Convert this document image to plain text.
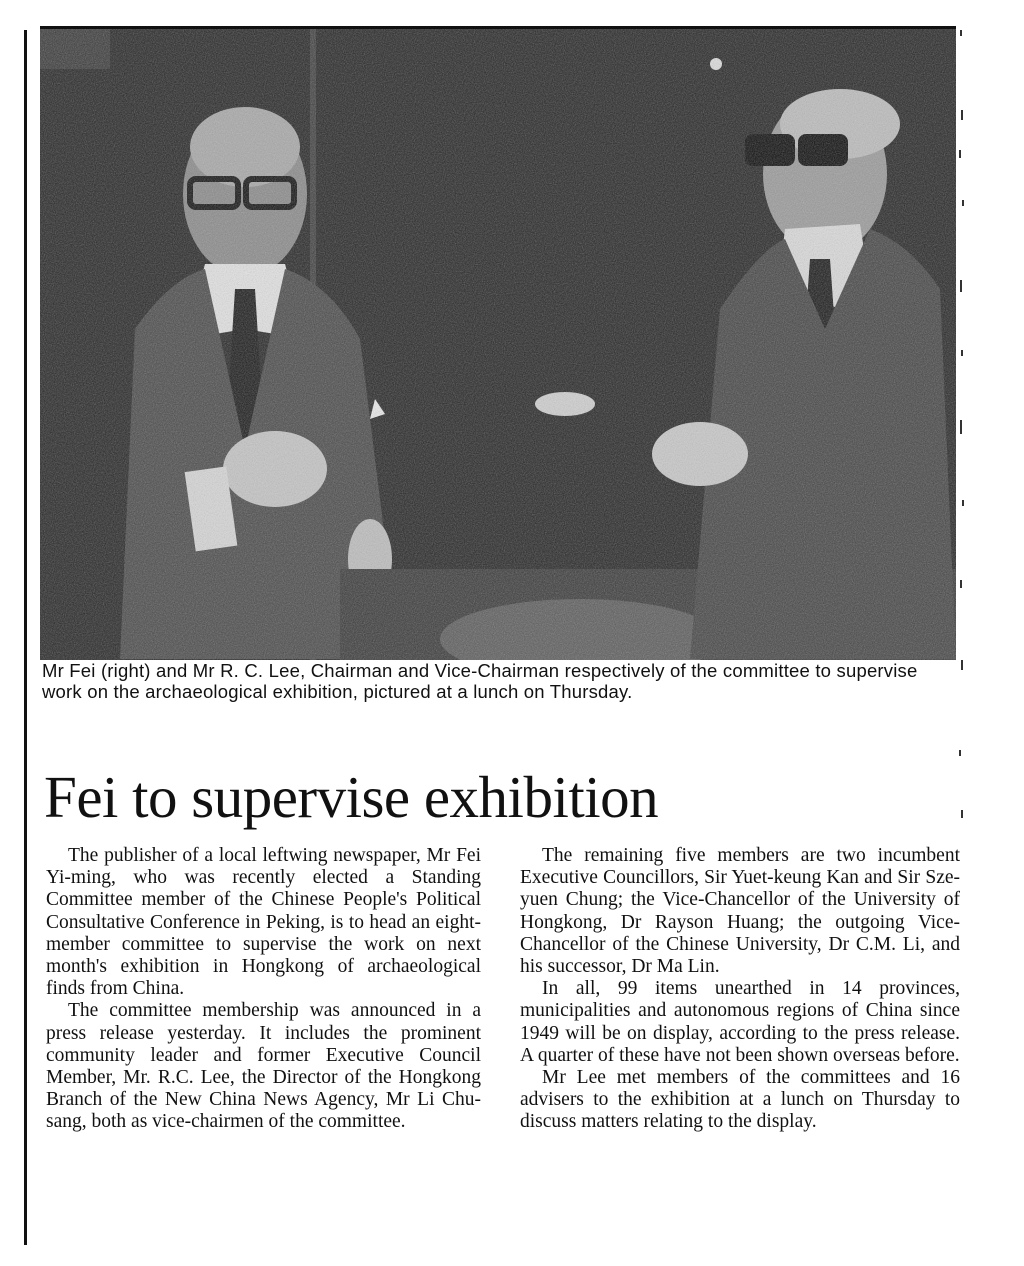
Mr Fei (right) and Mr R. C. Lee, Chairman and Vice-Chairman respectively of the committee to supervise work on the archaeological exhibition, pictured at a lunch on Thursday.
Fei to supervise exhibition

The publisher of a local leftwing newspaper, Mr Fei Yi-ming, who was recently elected a Standing Committee member of the Chinese People's Political Consultative Conference in Peking, is to head an eight-member committee to supervise the work on next month's exhibition in Hongkong of archaeological finds from China.

The committee membership was announced in a press release yesterday. It includes the prominent community leader and former Executive Council Member, Mr. R.C. Lee, the Director of the Hongkong Branch of the New China News Agency, Mr Li Chu-sang, both as vice-chairmen of the committee.

The remaining five members are two incumbent Executive Councillors, Sir Yuet-keung Kan and Sir Sze-yuen Chung; the Vice-Chancellor of the University of Hongkong, Dr Rayson Huang; the outgoing Vice-Chancellor of the Chinese University, Dr C.M. Li, and his successor, Dr Ma Lin.

In all, 99 items unearthed in 14 provinces, municipalities and autonomous regions of China since 1949 will be on display, according to the press release. A quarter of these have not been shown overseas before.

Mr Lee met members of the committees and 16 advisers to the exhibition at a lunch on Thursday to discuss matters relating to the display.
